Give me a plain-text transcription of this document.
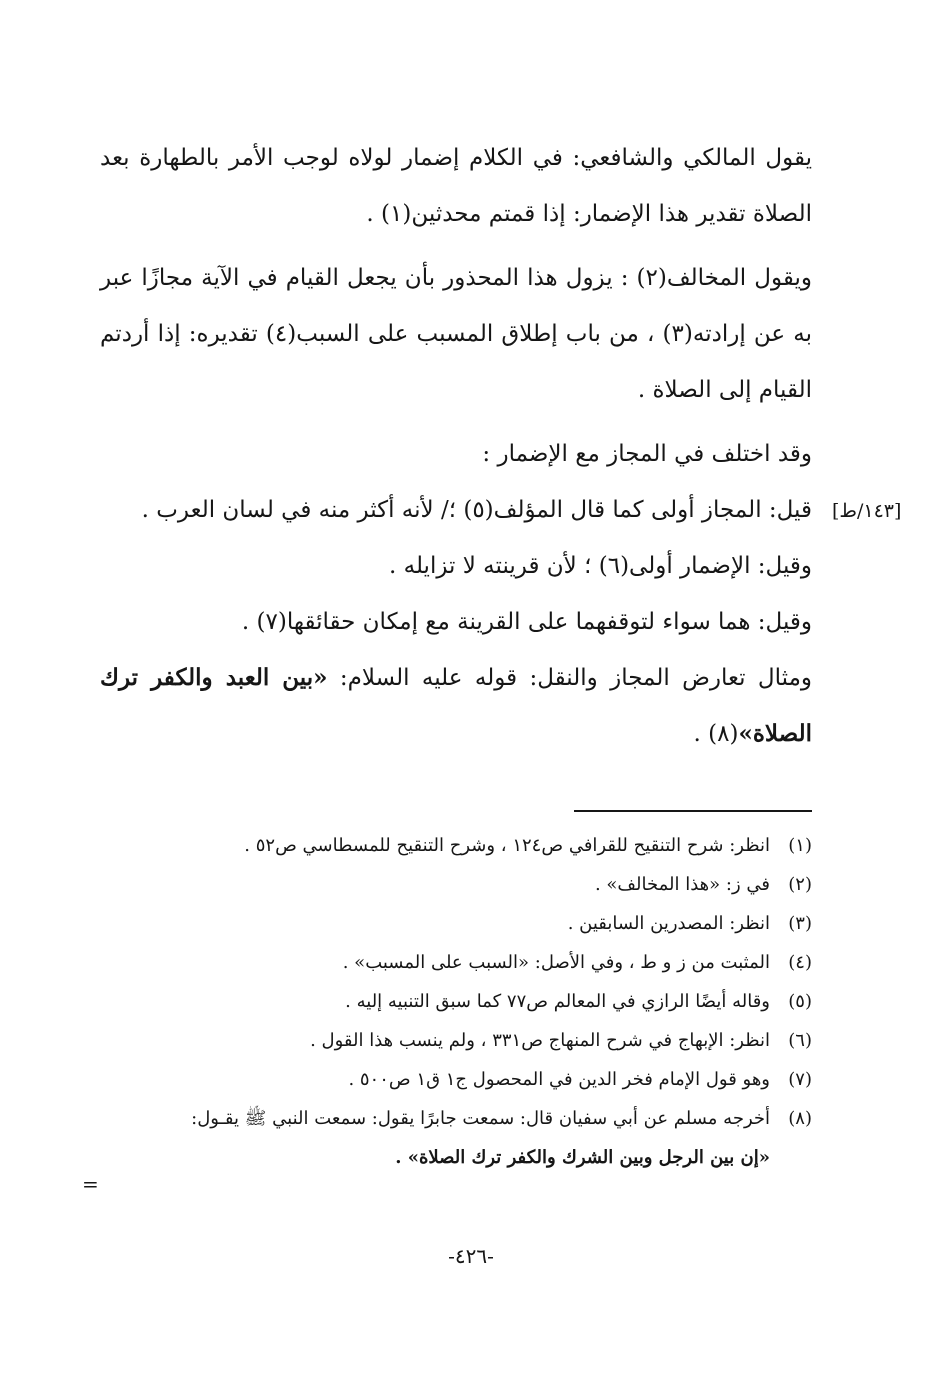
[١٤٣/ط]

يقول المالكي والشافعي: في الكلام إضمار لولاه لوجب الأمر بالطهارة بعد الصلاة تقدير هذا الإضمار: إذا قمتم محدثين(١) .

ويقول المخالف(٢) : يزول هذا المحذور بأن يجعل القيام في الآية مجازًا عبر به عن إرادته(٣) ، من باب إطلاق المسبب على السبب(٤) تقديره: إذا أردتم القيام إلى الصلاة .

وقد اختلف في المجاز مع الإضمار :

قيل: المجاز أولى كما قال المؤلف(٥) ؛/ لأنه أكثر منه في لسان العرب .

وقيل: الإضمار أولى(٦) ؛ لأن قرينته لا تزايله .

وقيل: هما سواء لتوقفهما على القرينة مع إمكان حقائقها(٧) .

ومثال تعارض المجاز والنقل: قوله عليه السلام: «بين العبد والكفر ترك الصلاة»(٨) .

(١)
انظر: شرح التنقيح للقرافي ص١٢٤ ، وشرح التنقيح للمسطاسي ص٥٢ .

(٢)
في ز: «هذا المخالف» .

(٣)
انظر: المصدرين السابقين .

(٤)
المثبت من ز و ط ، وفي الأصل: «السبب على المسبب» .

(٥)
وقاله أيضًا الرازي في المعالم ص٧٧ كما سبق التنبيه إليه .

(٦)
انظر: الإبهاج في شرح المنهاج ص٣٣١ ، ولم ينسب هذا القول .

(٧)
وهو قول الإمام فخر الدين في المحصول ج١ ق١ ص٥٠٠ .

(٨)
أخرجه مسلم عن أبي سفيان قال: سمعت جابرًا يقول: سمعت النبي ﷺ يقـول:

«إن بين الرجل وبين الشرك والكفر ترك الصلاة» .

=
-٤٢٦-
